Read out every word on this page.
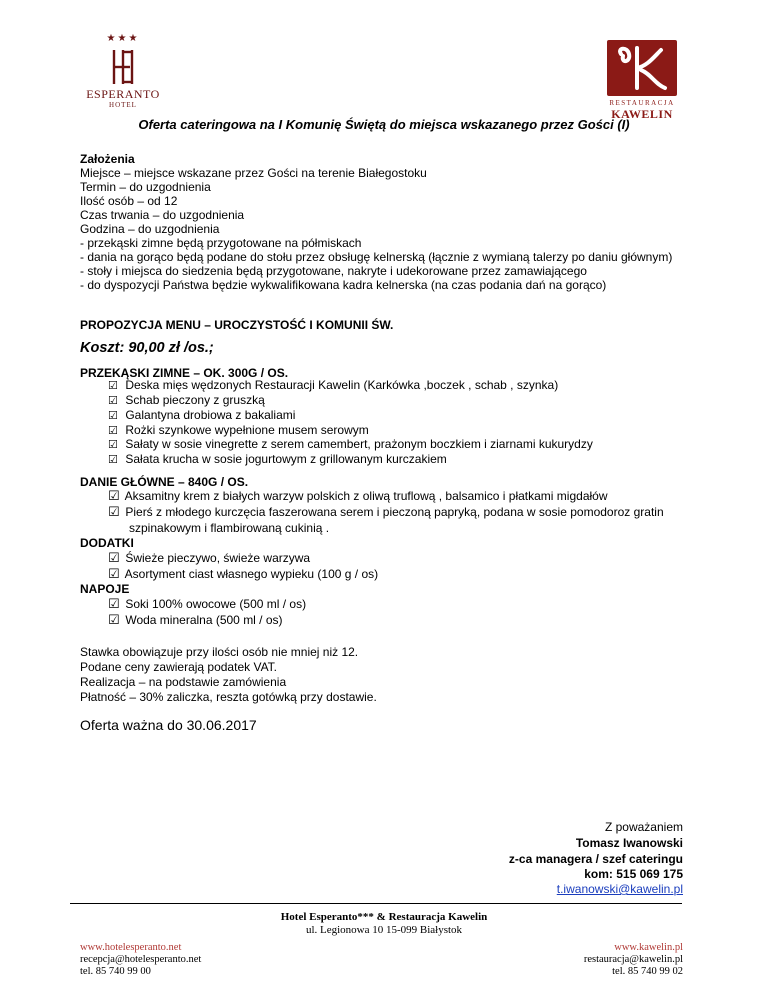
★★★
ESPERANTO
HOTEL	RESTAURACJA
KAWELIN
Oferta cateringowa na I Komunię Świętą do miejsca wskazanego przez Gości (I)
Założenia
Miejsce – miejsce wskazane przez Gości na terenie Białegostoku
Termin – do uzgodnienia
Ilość osób – od 12
Czas trwania – do uzgodnienia
Godzina – do uzgodnienia
- przekąski zimne będą przygotowane na półmiskach
- dania na gorąco będą podane do stołu przez obsługę kelnerską (łącznie z wymianą talerzy po daniu głównym)
- stoły i miejsca do siedzenia będą przygotowane, nakryte i udekorowane przez zamawiającego
- do dyspozycji Państwa będzie wykwalifikowana kadra kelnerska (na czas podania dań na gorąco)
PROPOZYCJA MENU – UROCZYSTOŚĆ I KOMUNII ŚW.
Koszt: 90,00 zł /os.;
PRZEKĄSKI ZIMNE – OK. 300G / OS.
☑ Deska mięs wędzonych Restauracji Kawelin (Karkówka ,boczek , schab , szynka)
☑ Schab pieczony z gruszką
☑ Galantyna drobiowa z bakaliami
☑ Rożki szynkowe wypełnione musem serowym
☑ Sałaty w sosie vinegrette z serem camembert, prażonym boczkiem i ziarnami kukurydzy
☑ Sałata krucha w sosie jogurtowym z grillowanym kurczakiem
DANIE GŁÓWNE – 840G / OS.
☑ Aksamitny krem z białych warzyw polskich z oliwą truflową , balsamico i płatkami migdałów
☑ Pierś z młodego kurczęcia faszerowana serem i pieczoną papryką, podana w sosie pomodoroz gratin
szpinakowym i flambirowaną cukinią .
DODATKI
☑ Świeże pieczywo, świeże warzywa
☑ Asortyment ciast własnego wypieku (100 g / os)
NAPOJE
☑ Soki 100% owocowe (500 ml / os)
☑ Woda mineralna (500 ml / os)
Stawka obowiązuje przy ilości osób nie mniej niż 12.
Podane ceny zawierają podatek VAT.
Realizacja – na podstawie zamówienia
Płatność – 30% zaliczka, reszta gotówką przy dostawie.
Oferta ważna do 30.06.2017
Z poważaniem
Tomasz Iwanowski
z-ca managera / szef cateringu
kom: 515 069 175
t.iwanowski@kawelin.pl
Hotel Esperanto*** & Restauracja Kawelin
ul. Legionowa 10 15-099 Białystok
www.hotelesperanto.net
recepcja@hotelesperanto.net
tel. 85 740 99 00
www.kawelin.pl
restauracja@kawelin.pl
tel. 85 740 99 02
